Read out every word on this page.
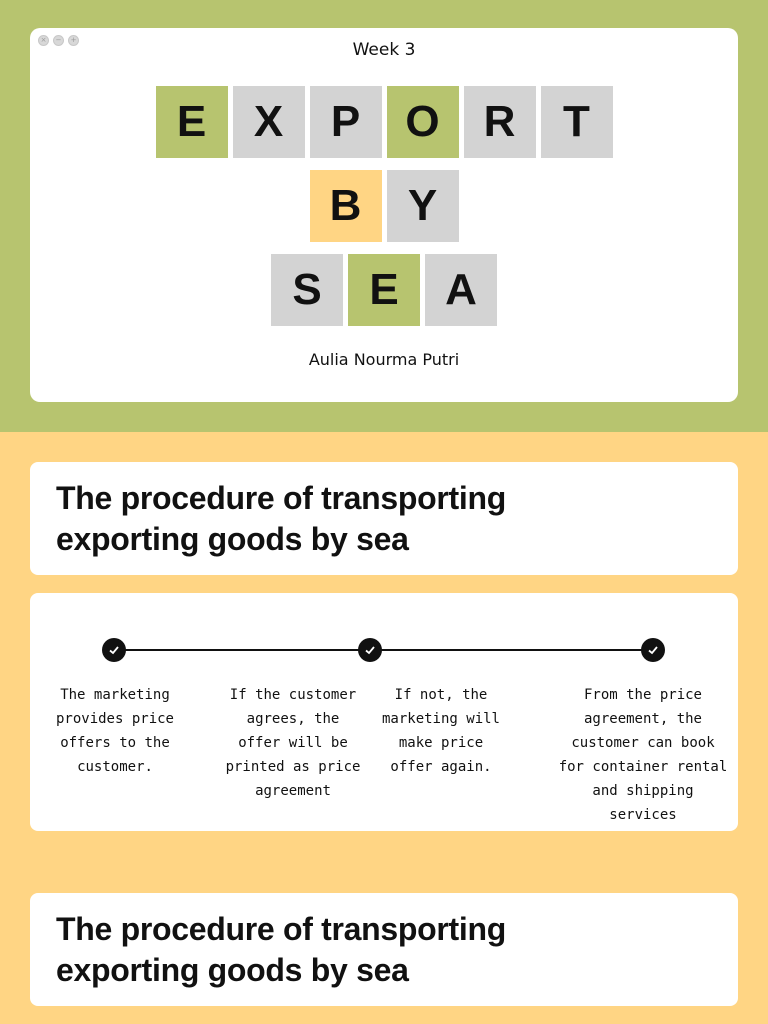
×	−	+	Week 3
E	X	P	O	R	T
B	Y
S	E	A
Aulia Nourma Putri
The procedure of transporting
exporting goods by sea
The marketing
provides price
offers to the
customer.
If the customer
agrees, the
offer will be
printed as price
agreement
If not, the
marketing will
make price
offer again.
From the price
agreement, the
customer can book
for container rental
and shipping services
The procedure of transporting
exporting goods by sea
